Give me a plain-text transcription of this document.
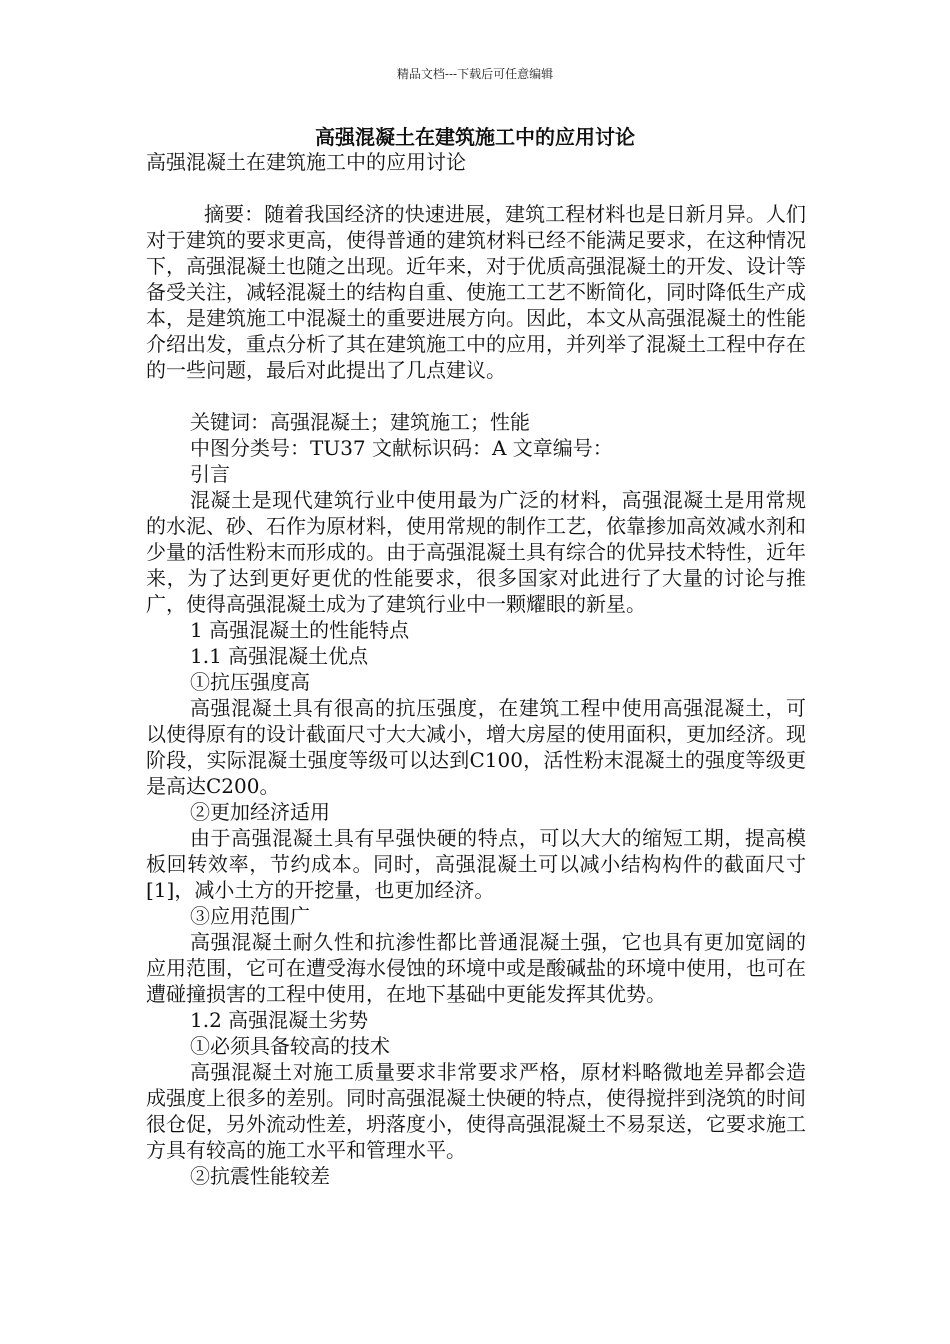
精品文档---下载后可任意编辑
高强混凝土在建筑施工中的应用讨论

高强混凝土在建筑施工中的应用讨论

摘要：随着我国经济的快速进展，建筑工程材料也是日新月异。人们对于建筑的要求更高，使得普通的建筑材料已经不能满足要求，在这种情况下，高强混凝土也随之出现。近年来，对于优质高强混凝土的开发、设计等备受关注，减轻混凝土的结构自重、使施工工艺不断简化，同时降低生产成本，是建筑施工中混凝土的重要进展方向。因此，本文从高强混凝土的性能介绍出发，重点分析了其在建筑施工中的应用，并列举了混凝土工程中存在的一些问题，最后对此提出了几点建议。

关键词：高强混凝土；建筑施工；性能

中图分类号：TU37 文献标识码：A 文章编号：

引言

混凝土是现代建筑行业中使用最为广泛的材料，高强混凝土是用常规的水泥、砂、石作为原材料，使用常规的制作工艺，依靠掺加高效减水剂和少量的活性粉末而形成的。由于高强混凝土具有综合的优异技术特性，近年来，为了达到更好更优的性能要求，很多国家对此进行了大量的讨论与推广，使得高强混凝土成为了建筑行业中一颗耀眼的新星。

1 高强混凝土的性能特点

1.1 高强混凝土优点

①抗压强度高

高强混凝土具有很高的抗压强度，在建筑工程中使用高强混凝土，可以使得原有的设计截面尺寸大大减小，增大房屋的使用面积，更加经济。现阶段，实际混凝土强度等级可以达到C100，活性粉末混凝土的强度等级更是高达C200。

②更加经济适用

由于高强混凝土具有早强快硬的特点，可以大大的缩短工期，提高模板回转效率，节约成本。同时，高强混凝土可以减小结构构件的截面尺寸[1]，减小土方的开挖量，也更加经济。

③应用范围广

高强混凝土耐久性和抗渗性都比普通混凝土强，它也具有更加宽阔的应用范围，它可在遭受海水侵蚀的环境中或是酸碱盐的环境中使用，也可在遭碰撞损害的工程中使用，在地下基础中更能发挥其优势。

1.2 高强混凝土劣势

①必须具备较高的技术

高强混凝土对施工质量要求非常要求严格，原材料略微地差异都会造成强度上很多的差别。同时高强混凝土快硬的特点，使得搅拌到浇筑的时间很仓促，另外流动性差，坍落度小，使得高强混凝土不易泵送，它要求施工方具有较高的施工水平和管理水平。

②抗震性能较差
